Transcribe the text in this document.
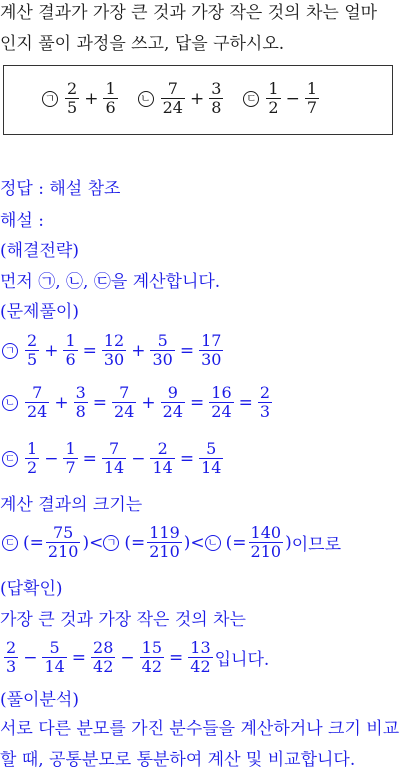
계산 결과가 가장 큰 것과 가장 작은 것의 차는 얼마
인지 풀이 과정을 쓰고, 답을 구하시오.
ㄱ $\frac{2}{5} + \frac{1}{6}$ ㄴ $\frac{7}{24} + \frac{3}{8}$ ㄷ $\frac{1}{2} - \frac{1}{7}$
정답 : 해설 참조
해설 :
(해결전략)
먼저 ㉠, ㉡, ㉢을 계산합니다.
(문제풀이)
ㄱ $\frac{2}{5} + \frac{1}{6} = \frac{12}{30} + \frac{5}{30} = \frac{17}{30}$
ㄴ $\frac{7}{24} + \frac{3}{8} = \frac{7}{24} + \frac{9}{24} = \frac{16}{24} = \frac{2}{3}$
ㄷ $\frac{1}{2} - \frac{1}{7} = \frac{7}{14} - \frac{2}{14} = \frac{5}{14}$
계산 결과의 크기는
ㄷ (= $\frac{75}{210}$ )< ㄱ (= $\frac{119}{210}$ )< ㄴ (= $\frac{140}{210}$ ) 이므로
(답확인)
가장 큰 것과 가장 작은 것의 차는
$\frac{2}{3} - \frac{5}{14} = \frac{28}{42} - \frac{15}{42} = \frac{13}{42}$ 입니다.
(풀이분석)
서로 다른 분모를 가진 분수들을 계산하거나 크기 비교
할 때, 공통분모로 통분하여 계산 및 비교합니다.
